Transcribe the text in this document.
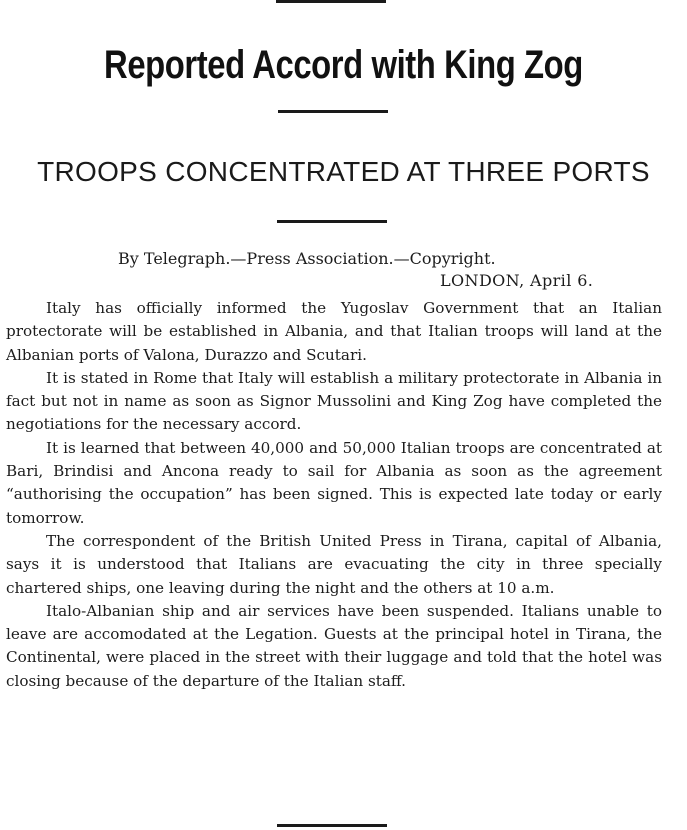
Reported Accord with King Zog
TROOPS CONCENTRATED AT THREE PORTS
By Telegraph.—Press Association.—Copyright.
LONDON, April 6.

Italy has officially informed the Yugoslav Government that an Italian protectorate will be established in Albania, and that Italian troops will land at the Albanian ports of Valona, Durazzo and Scutari.

It is stated in Rome that Italy will establish a military protectorate in Albania in fact but not in name as soon as Signor Mussolini and King Zog have completed the negotiations for the necessary accord.

It is learned that between 40,000 and 50,000 Italian troops are concentrated at Bari, Brindisi and Ancona ready to sail for Albania as soon as the agreement “authorising the occupation” has been signed. This is expected late today or early tomorrow.

The correspondent of the British United Press in Tirana, capital of Albania, says it is understood that Italians are evacuating the city in three specially chartered ships, one leaving during the night and the others at 10 a.m.

Italo-Albanian ship and air services have been suspended. Italians unable to leave are accomodated at the Legation. Guests at the principal hotel in Tirana, the Continental, were placed in the street with their luggage and told that the hotel was closing because of the departure of the Italian staff.
